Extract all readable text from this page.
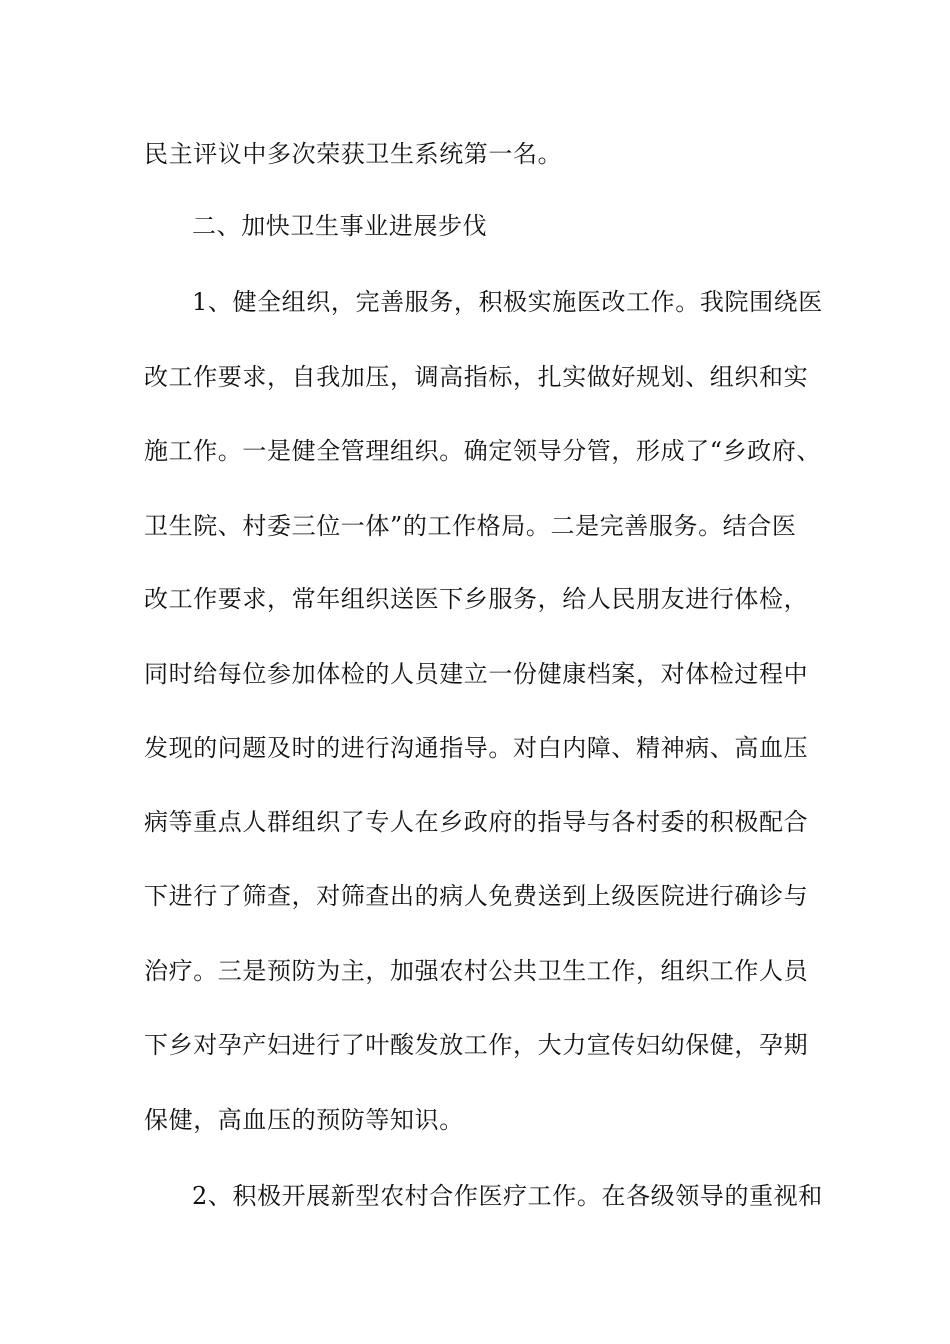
民主评议中多次荣获卫生系统第一名。
二、加快卫生事业进展步伐
1、健全组织，完善服务，积极实施医改工作。我院围绕医
改工作要求，自我加压，调高指标，扎实做好规划、组织和实
施工作。一是健全管理组织。确定领导分管，形成了“乡政府、
卫生院、村委三位一体”的工作格局。二是完善服务。结合医
改工作要求，常年组织送医下乡服务，给人民朋友进行体检，
同时给每位参加体检的人员建立一份健康档案，对体检过程中
发现的问题及时的进行沟通指导。对白内障、精神病、高血压
病等重点人群组织了专人在乡政府的指导与各村委的积极配合
下进行了筛查，对筛查出的病人免费送到上级医院进行确诊与
治疗。三是预防为主，加强农村公共卫生工作，组织工作人员
下乡对孕产妇进行了叶酸发放工作，大力宣传妇幼保健，孕期
保健，高血压的预防等知识。
2、积极开展新型农村合作医疗工作。在各级领导的重视和
